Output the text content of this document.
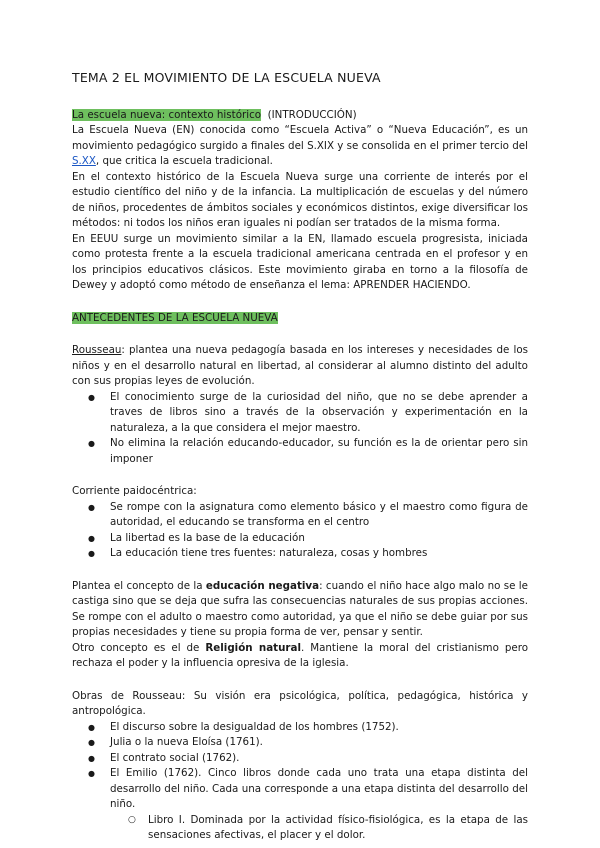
TEMA 2 EL MOVIMIENTO DE LA ESCUELA NUEVA

La escuela nueva: contexto histórico (INTRODUCCIÓN)

La Escuela Nueva (EN) conocida como “Escuela Activa” o “Nueva Educación”, es un movimiento pedagógico surgido a finales del S.XIX y se consolida en el primer tercio del S.XX, que critica la escuela tradicional.

En el contexto histórico de la Escuela Nueva surge una corriente de interés por el estudio científico del niño y de la infancia. La multiplicación de escuelas y del número de niños, procedentes de ámbitos sociales y económicos distintos, exige diversificar los métodos: ni todos los niños eran iguales ni podían ser tratados de la misma forma.

En EEUU surge un movimiento similar a la EN, llamado escuela progresista, iniciada como protesta frente a la escuela tradicional americana centrada en el profesor y en los principios educativos clásicos. Este movimiento giraba en torno a la filosofía de Dewey y adoptó como método de enseñanza el lema: APRENDER HACIENDO.

ANTECEDENTES DE LA ESCUELA NUEVA

Rousseau: plantea una nueva pedagogía basada en los intereses y necesidades de los niños y en el desarrollo natural en libertad, al considerar al alumno distinto del adulto con sus propias leyes de evolución.

● El conocimiento surge de la curiosidad del niño, que no se debe aprender a traves de libros sino a través de la observación y experimentación en la naturaleza, a la que considera el mejor maestro.
● No elimina la relación educando-educador, su función es la de orientar pero sin imponer

Corriente paidocéntrica:

● Se rompe con la asignatura como elemento básico y el maestro como figura de autoridad, el educando se transforma en el centro
● La libertad es la base de la educación
● La educación tiene tres fuentes: naturaleza, cosas y hombres

Plantea el concepto de la educación negativa: cuando el niño hace algo malo no se le castiga sino que se deja que sufra las consecuencias naturales de sus propias acciones. Se rompe con el adulto o maestro como autoridad, ya que el niño se debe guiar por sus propias necesidades y tiene su propia forma de ver, pensar y sentir.

Otro concepto es el de Religión natural. Mantiene la moral del cristianismo pero rechaza el poder y la influencia opresiva de la iglesia.

Obras de Rousseau: Su visión era psicológica, política, pedagógica, histórica y antropológica.

● El discurso sobre la desigualdad de los hombres (1752).
● Julia o la nueva Eloísa (1761).
● El contrato social (1762).
● El Emilio (1762). Cinco libros donde cada uno trata una etapa distinta del desarrollo del niño. Cada una corresponde a una etapa distinta del desarrollo del niño.
○ Libro I. Dominada por la actividad físico-fisiológica, es la etapa de las sensaciones afectivas, el placer y el dolor.
